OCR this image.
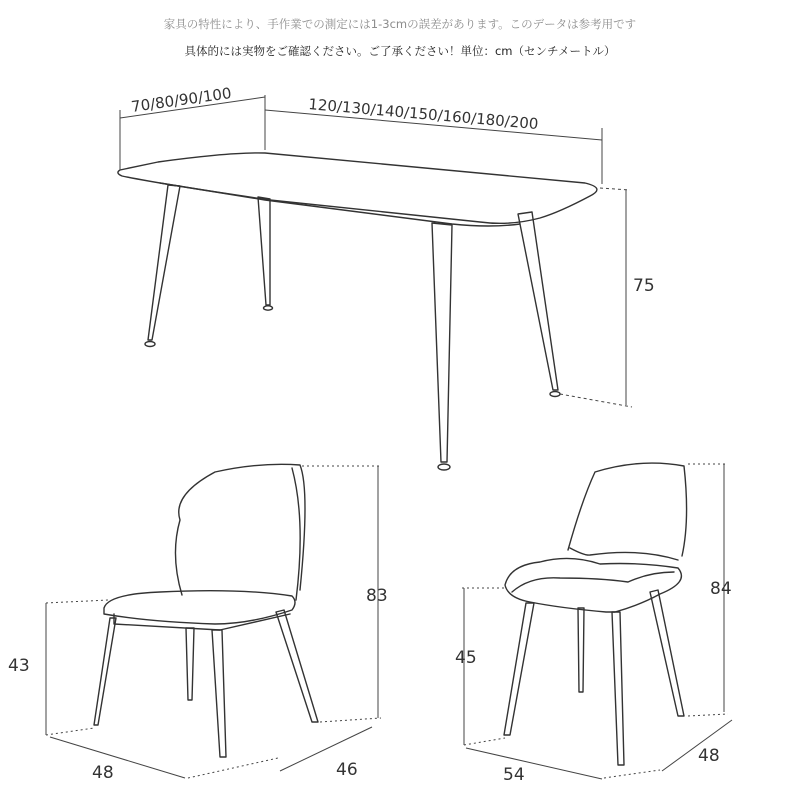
家具の特性により、手作業での測定には1-3cmの誤差があります。このデータは参考用です
具体的には実物をご確認ください。ご了承ください！単位：cm（センチメートル）
70/80/90/100	120/130/140/150/160/180/200
75
43
83
48	46
45
84
54
48
